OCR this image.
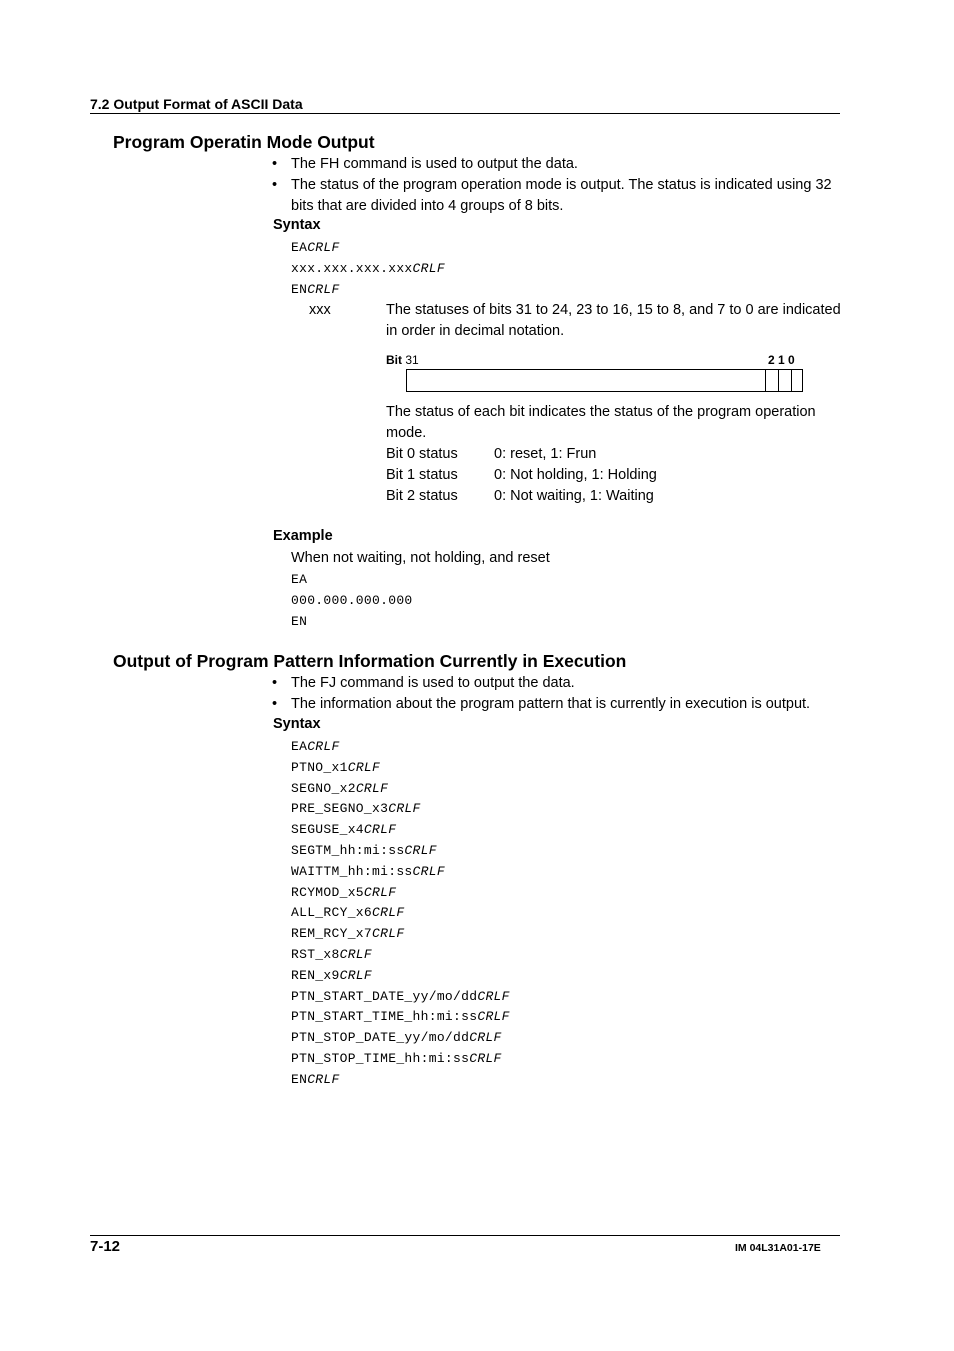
7.2 Output Format of ASCII Data
Program Operatin Mode Output
• The FH command is used to output the data.
• The status of the program operation mode is output. The status is indicated using 32 bits that are divided into 4 groups of 8 bits.
Syntax
EACRLF
xxx.xxx.xxx.xxxCRLF
ENCRLF
xxx	The statuses of bits 31 to 24, 23 to 16, 15 to 8, and 7 to 0 are indicated in order in decimal notation.
Bit 31	2 1 0
The status of each bit indicates the status of the program operation mode.
Bit 0 status	0: reset, 1: Frun
Bit 1 status	0: Not holding, 1: Holding
Bit 2 status	0: Not waiting, 1: Waiting
Example
When not waiting, not holding, and reset
EA
000.000.000.000
EN
Output of Program Pattern Information Currently in Execution
• The FJ command is used to output the data.
• The information about the program pattern that is currently in execution is output.
Syntax
EACRLF
PTNO_x1CRLF
SEGNO_x2CRLF
PRE_SEGNO_x3CRLF
SEGUSE_x4CRLF
SEGTM_hh:mi:ssCRLF
WAITTM_hh:mi:ssCRLF
RCYMOD_x5CRLF
ALL_RCY_x6CRLF
REM_RCY_x7CRLF
RST_x8CRLF
REN_x9CRLF
PTN_START_DATE_yy/mo/ddCRLF
PTN_START_TIME_hh:mi:ssCRLF
PTN_STOP_DATE_yy/mo/ddCRLF
PTN_STOP_TIME_hh:mi:ssCRLF
ENCRLF
7-12	IM 04L31A01-17E
